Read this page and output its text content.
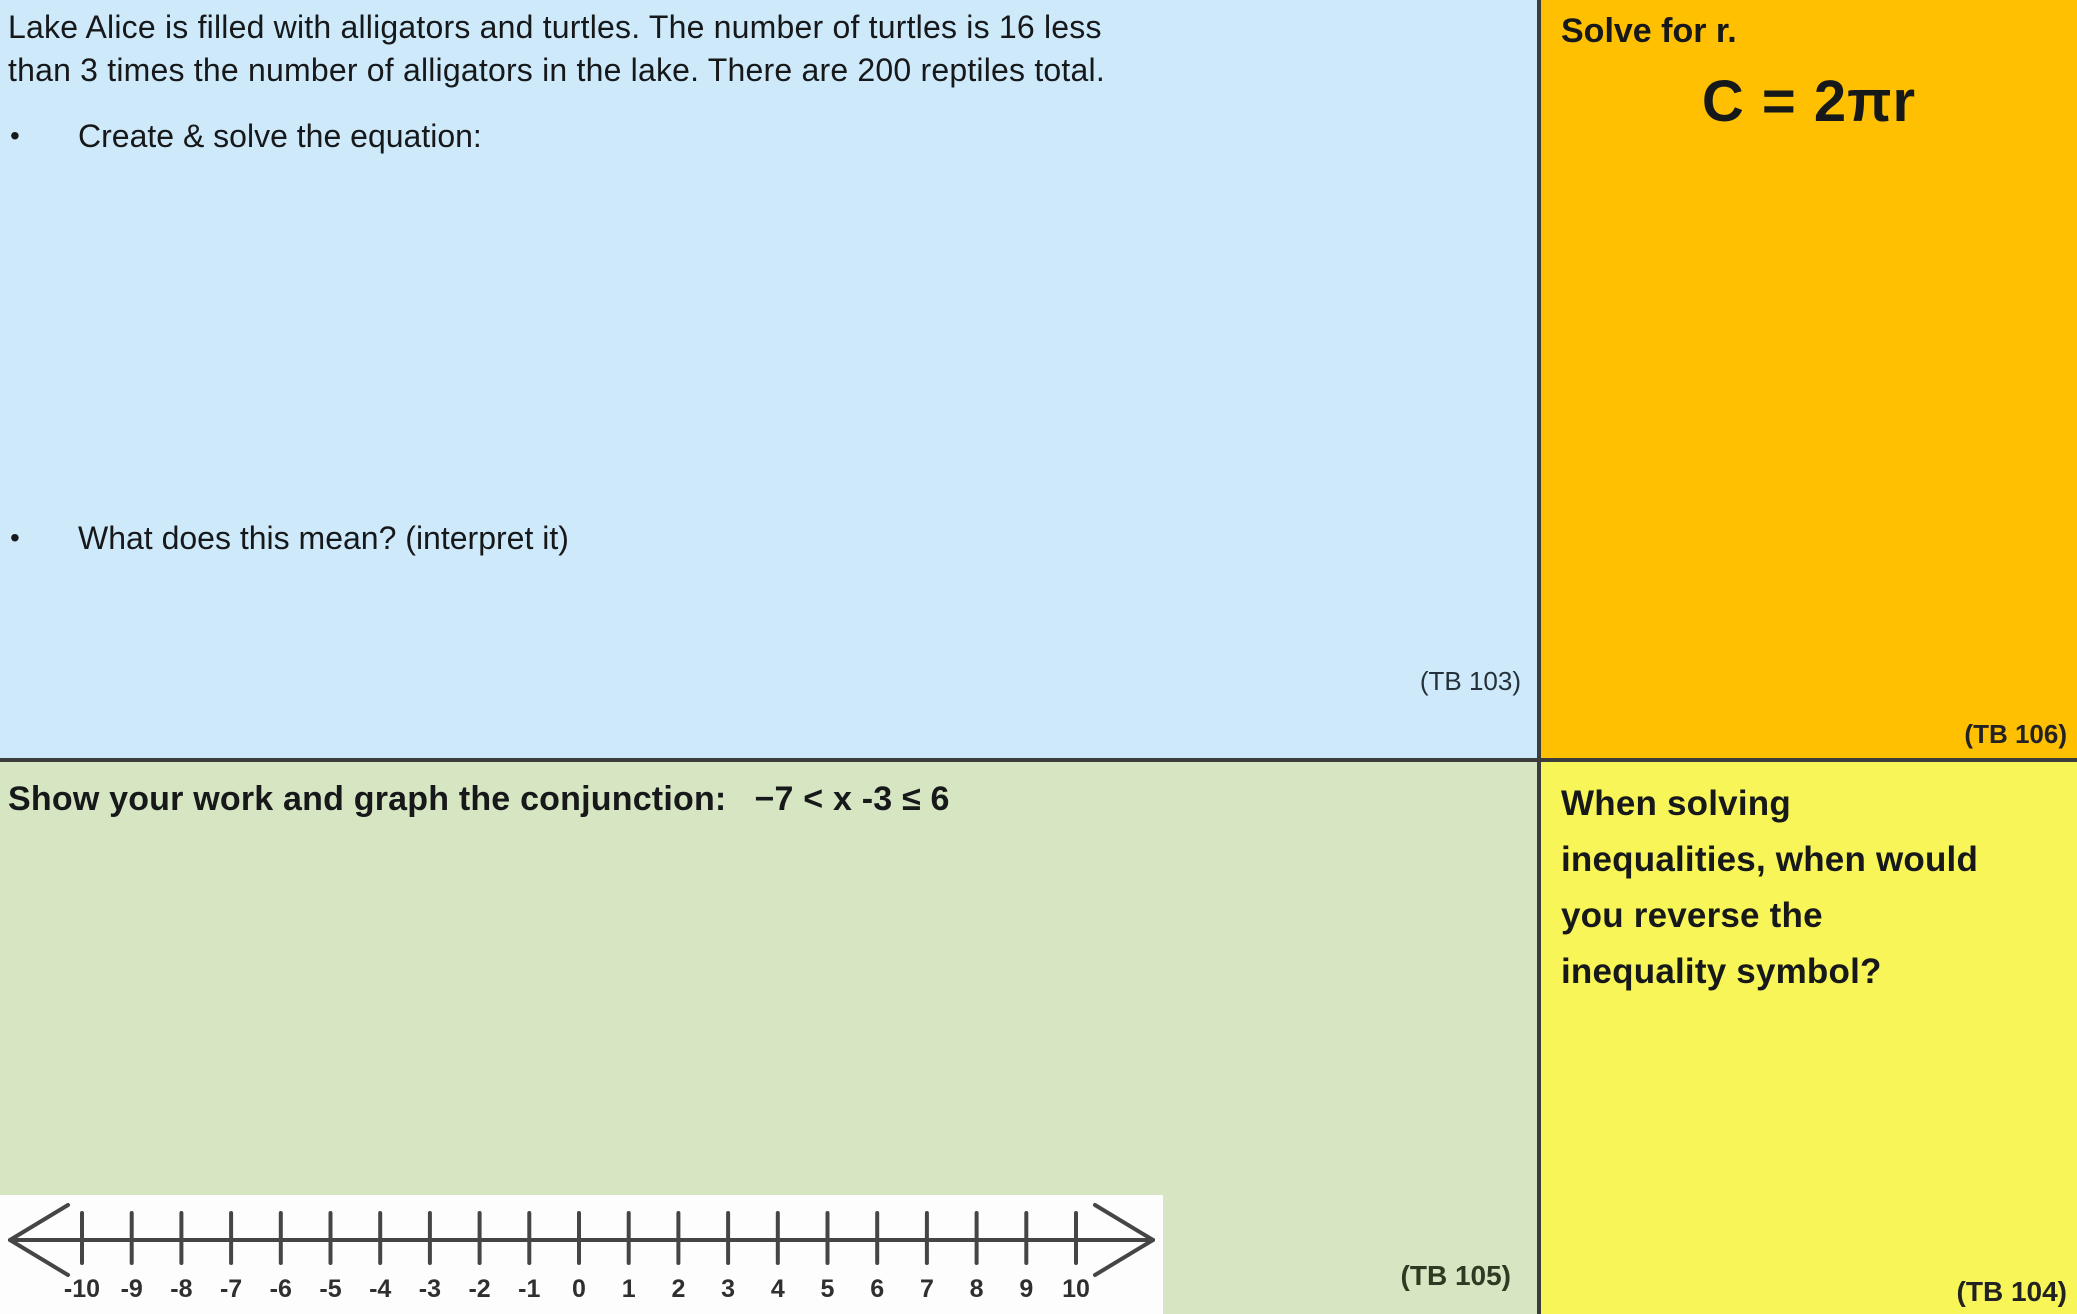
Lake Alice is filled with alligators and turtles. The number of turtles is 16 less
than 3 times the number of alligators in the lake. There are 200 reptiles total.
•	Create & solve the equation:
•	What does this mean? (interpret it)
(TB 103)
Solve for r.
C = 2πr
(TB 106)
Show your work and graph the conjunction: −7 < x -3 ≤ 6
-10 -9 -8 -7 -6 -5 -4 -3 -2 -1 0 1 2 3 4 5 6 7 8 9 10	(TB 105)
When solving
inequalities, when would
you reverse the
inequality symbol?
(TB 104)
